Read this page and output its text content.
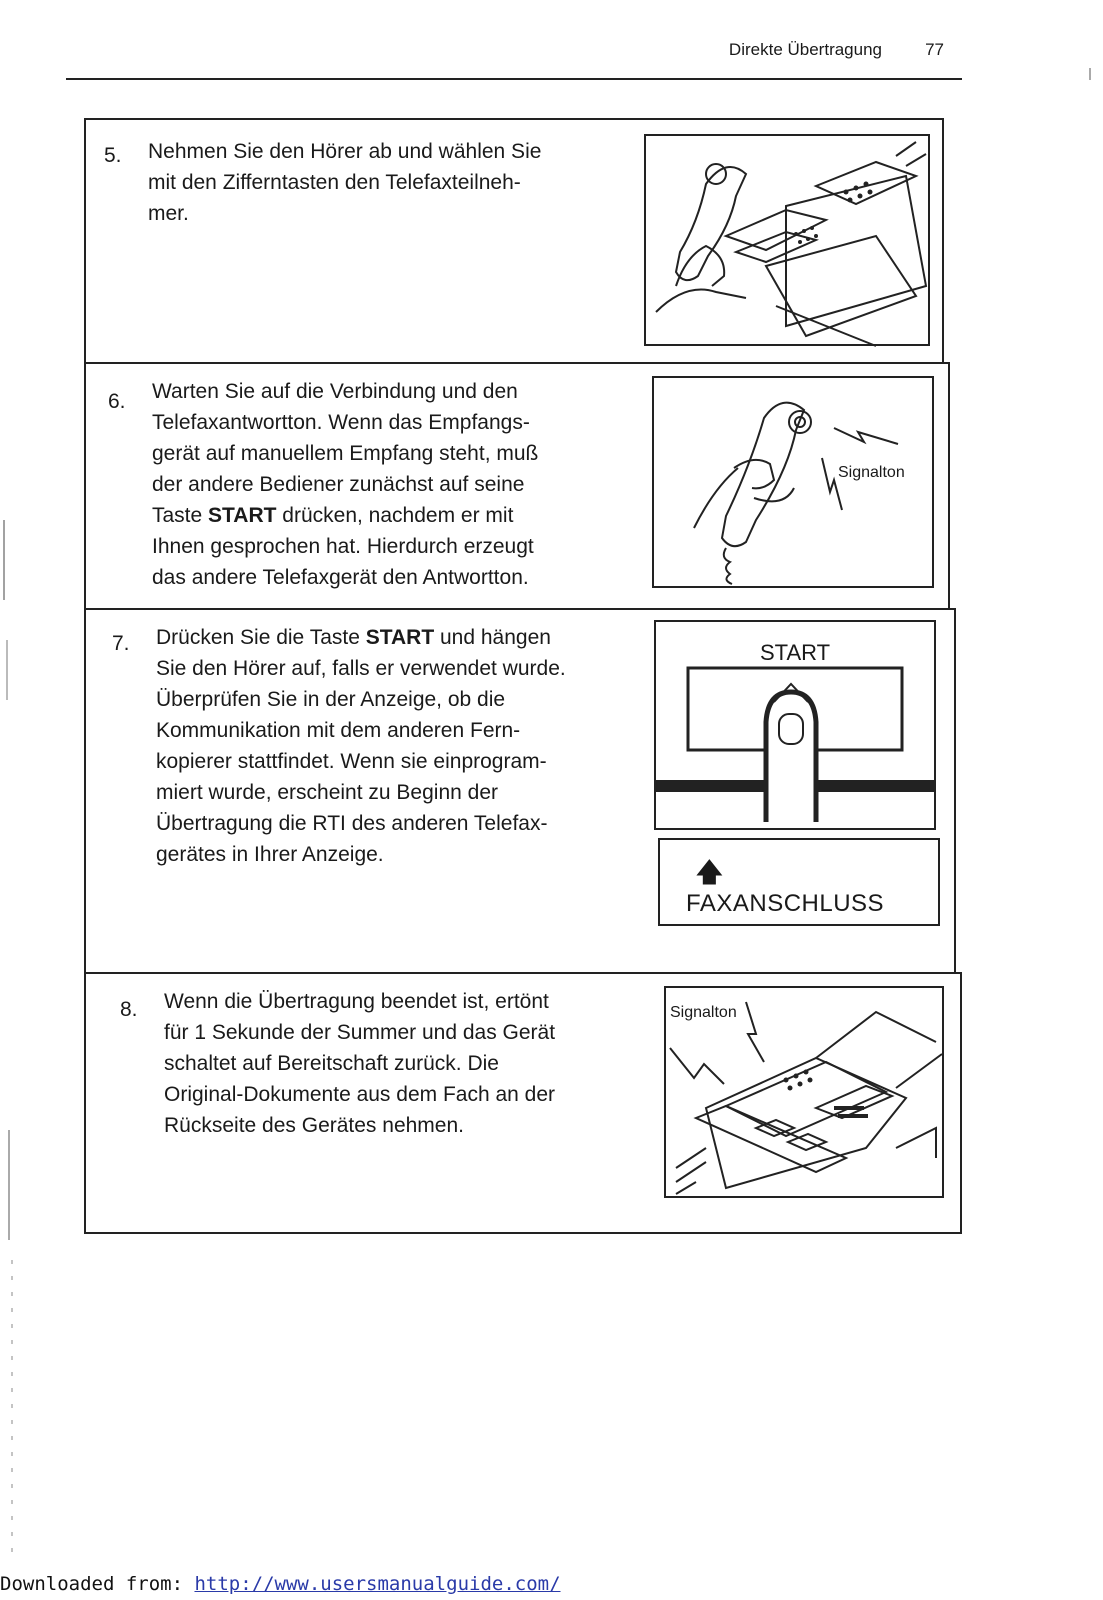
Direkte Übertragung	77
5. Nehmen Sie den Hörer ab und wählen Sie
mit den Zifferntasten den Telefaxteilneh-
mer.
6. Warten Sie auf die Verbindung und den
Telefaxantwortton. Wenn das Empfangs-
gerät auf manuellem Empfang steht, muß
der andere Bediener zunächst auf seine
Taste START drücken, nachdem er mit
Ihnen gesprochen hat. Hierdurch erzeugt
das andere Telefaxgerät den Antwortton.
Signalton
7. Drücken Sie die Taste START und hängen
Sie den Hörer auf, falls er verwendet wurde.
Überprüfen Sie in der Anzeige, ob die
Kommunikation mit dem anderen Fern-
kopierer stattfindet. Wenn sie einprogram-
miert wurde, erscheint zu Beginn der
Übertragung die RTI des anderen Telefax-
gerätes in Ihrer Anzeige.
START
🡅
FAXANSCHLUSS
8. Wenn die Übertragung beendet ist, ertönt
für 1 Sekunde der Summer und das Gerät
schaltet auf Bereitschaft zurück. Die
Original-Dokumente aus dem Fach an der
Rückseite des Gerätes nehmen.
Signalton
Downloaded from: http://www.usersmanualguide.com/
